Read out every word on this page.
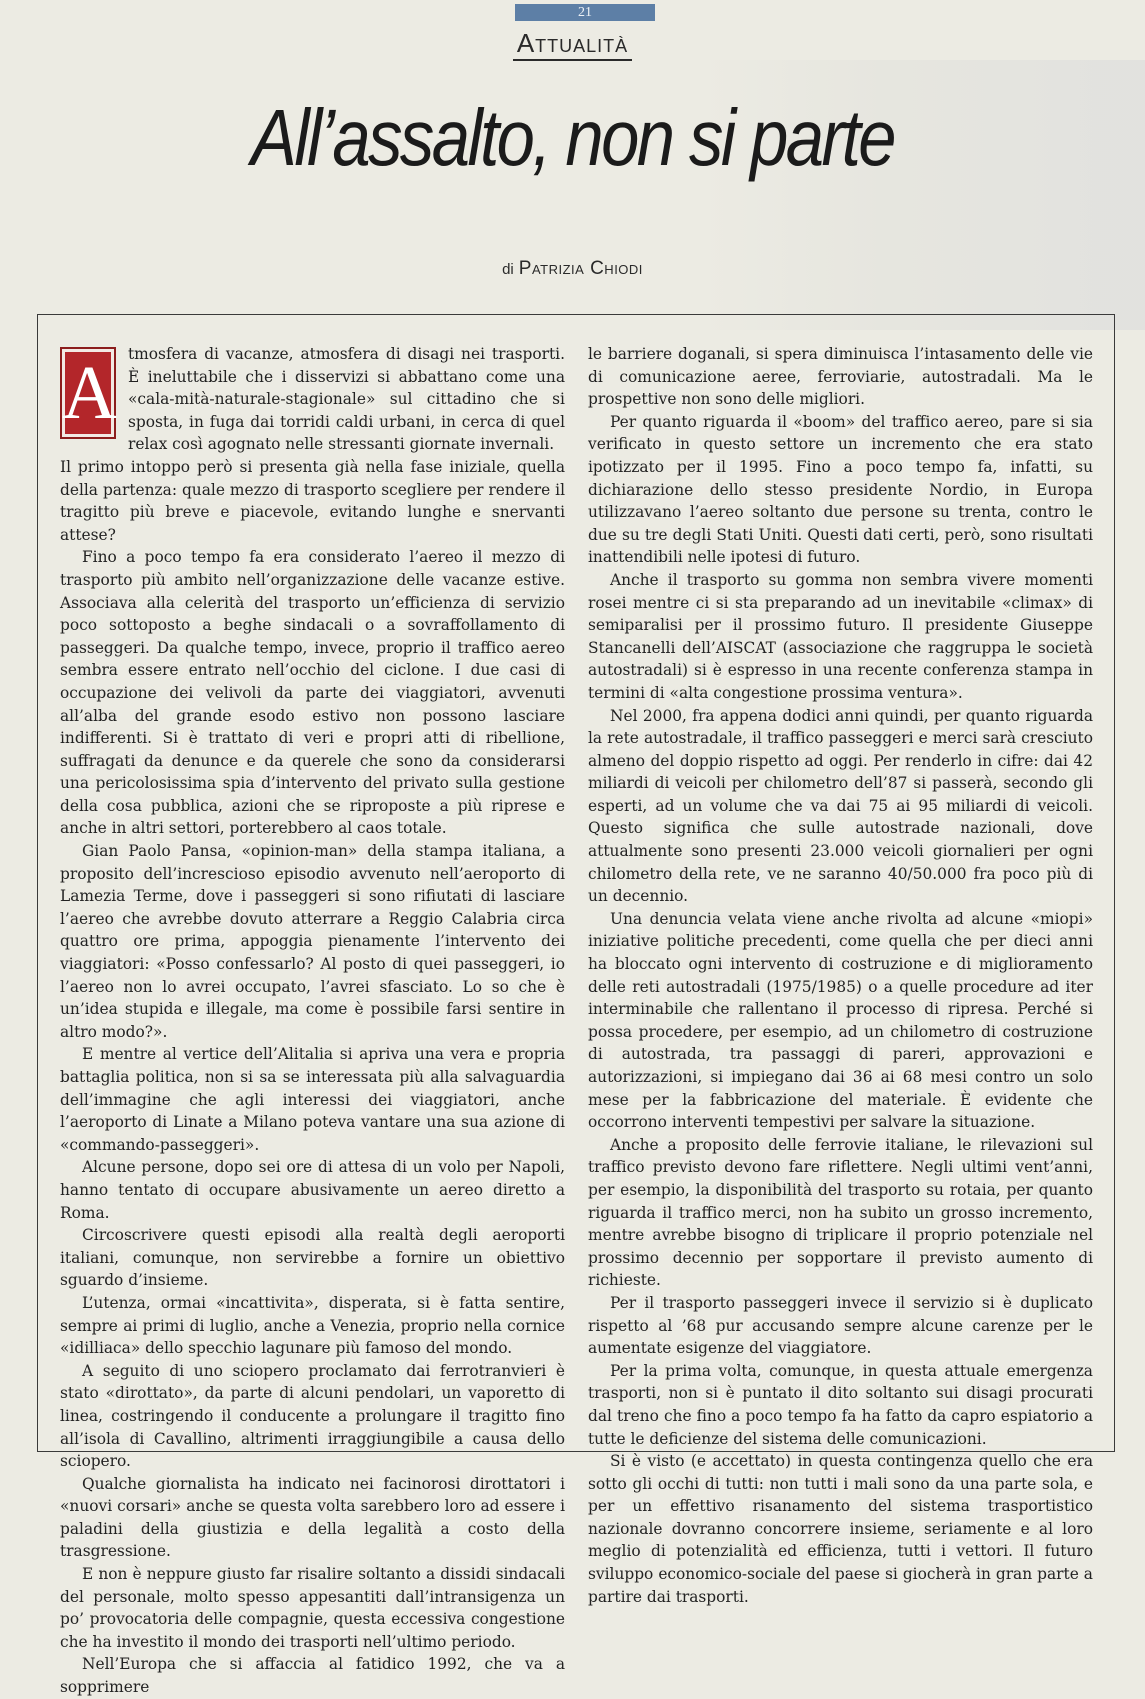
21
Attualità
All’assalto, non si parte
di Patrizia Chiodi

A tmosfera di vacanze, atmosfera di disagi nei trasporti. È ineluttabile che i disservizi si abbattano come una «cala-mità-naturale-stagionale» sul cittadino che si sposta, in fuga dai torridi caldi urbani, in cerca di quel relax così agognato nelle stressanti giornate invernali.

Il primo intoppo però si presenta già nella fase iniziale, quella della partenza: quale mezzo di trasporto scegliere per rendere il tragitto più breve e piacevole, evitando lunghe e snervanti attese?

Fino a poco tempo fa era considerato l’aereo il mezzo di trasporto più ambito nell’organizzazione delle vacanze estive. Associava alla celerità del trasporto un’efficienza di servizio poco sottoposto a beghe sindacali o a sovraffollamento di passeggeri. Da qualche tempo, invece, proprio il traffico aereo sembra essere entrato nell’occhio del ciclone. I due casi di occupazione dei velivoli da parte dei viaggiatori, avvenuti all’alba del grande esodo estivo non possono lasciare indifferenti. Si è trattato di veri e propri atti di ribellione, suffragati da denunce e da querele che sono da considerarsi una pericolosissima spia d’intervento del privato sulla gestione della cosa pubblica, azioni che se riproposte a più riprese e anche in altri settori, porterebbero al caos totale.

Gian Paolo Pansa, «opinion-man» della stampa italiana, a proposito dell’increscioso episodio avvenuto nell’aeroporto di Lamezia Terme, dove i passeggeri si sono rifiutati di lasciare l’aereo che avrebbe dovuto atterrare a Reggio Calabria circa quattro ore prima, appoggia pienamente l’intervento dei viaggiatori: «Posso confessarlo? Al posto di quei passeggeri, io l’aereo non lo avrei occupato, l’avrei sfasciato. Lo so che è un’idea stupida e illegale, ma come è possibile farsi sentire in altro modo?».

E mentre al vertice dell’Alitalia si apriva una vera e propria battaglia politica, non si sa se interessata più alla salvaguardia dell’immagine che agli interessi dei viaggiatori, anche l’aeroporto di Linate a Milano poteva vantare una sua azione di «commando-passeggeri».

Alcune persone, dopo sei ore di attesa di un volo per Napoli, hanno tentato di occupare abusivamente un aereo diretto a Roma.

Circoscrivere questi episodi alla realtà degli aeroporti italiani, comunque, non servirebbe a fornire un obiettivo sguardo d’insieme.

L’utenza, ormai «incattivita», disperata, si è fatta sentire, sempre ai primi di luglio, anche a Venezia, proprio nella cornice «idilliaca» dello specchio lagunare più famoso del mondo.

A seguito di uno sciopero proclamato dai ferrotranvieri è stato «dirottato», da parte di alcuni pendolari, un vaporetto di linea, costringendo il conducente a prolungare il tragitto fino all’isola di Cavallino, altrimenti irraggiungibile a causa dello sciopero.

Qualche giornalista ha indicato nei facinorosi dirottatori i «nuovi corsari» anche se questa volta sarebbero loro ad essere i paladini della giustizia e della legalità a costo della trasgressione.

E non è neppure giusto far risalire soltanto a dissidi sindacali del personale, molto spesso appesantiti dall’intransigenza un po’ provocatoria delle compagnie, questa eccessiva congestione che ha investito il mondo dei trasporti nell’ultimo periodo.

Nell’Europa che si affaccia al fatidico 1992, che va a sopprimere

le barriere doganali, si spera diminuisca l’intasamento delle vie di comunicazione aeree, ferroviarie, autostradali. Ma le prospettive non sono delle migliori.

Per quanto riguarda il «boom» del traffico aereo, pare si sia verificato in questo settore un incremento che era stato ipotizzato per il 1995. Fino a poco tempo fa, infatti, su dichiarazione dello stesso presidente Nordio, in Europa utilizzavano l’aereo soltanto due persone su trenta, contro le due su tre degli Stati Uniti. Questi dati certi, però, sono risultati inattendibili nelle ipotesi di futuro.

Anche il trasporto su gomma non sembra vivere momenti rosei mentre ci si sta preparando ad un inevitabile «climax» di semiparalisi per il prossimo futuro. Il presidente Giuseppe Stancanelli dell’AISCAT (associazione che raggruppa le società autostradali) si è espresso in una recente conferenza stampa in termini di «alta congestione prossima ventura».

Nel 2000, fra appena dodici anni quindi, per quanto riguarda la rete autostradale, il traffico passeggeri e merci sarà cresciuto almeno del doppio rispetto ad oggi. Per renderlo in cifre: dai 42 miliardi di veicoli per chilometro dell’87 si passerà, secondo gli esperti, ad un volume che va dai 75 ai 95 miliardi di veicoli. Questo significa che sulle autostrade nazionali, dove attualmente sono presenti 23.000 veicoli giornalieri per ogni chilometro della rete, ve ne saranno 40/50.000 fra poco più di un decennio.

Una denuncia velata viene anche rivolta ad alcune «miopi» iniziative politiche precedenti, come quella che per dieci anni ha bloccato ogni intervento di costruzione e di miglioramento delle reti autostradali (1975/1985) o a quelle procedure ad iter interminabile che rallentano il processo di ripresa. Perché si possa procedere, per esempio, ad un chilometro di costruzione di autostrada, tra passaggi di pareri, approvazioni e autorizzazioni, si impiegano dai 36 ai 68 mesi contro un solo mese per la fabbricazione del materiale. È evidente che occorrono interventi tempestivi per salvare la situazione.

Anche a proposito delle ferrovie italiane, le rilevazioni sul traffico previsto devono fare riflettere. Negli ultimi vent’anni, per esempio, la disponibilità del trasporto su rotaia, per quanto riguarda il traffico merci, non ha subito un grosso incremento, mentre avrebbe bisogno di triplicare il proprio potenziale nel prossimo decennio per sopportare il previsto aumento di richieste.

Per il trasporto passeggeri invece il servizio si è duplicato rispetto al ’68 pur accusando sempre alcune carenze per le aumentate esigenze del viaggiatore.

Per la prima volta, comunque, in questa attuale emergenza trasporti, non si è puntato il dito soltanto sui disagi procurati dal treno che fino a poco tempo fa ha fatto da capro espiatorio a tutte le deficienze del sistema delle comunicazioni.

Si è visto (e accettato) in questa contingenza quello che era sotto gli occhi di tutti: non tutti i mali sono da una parte sola, e per un effettivo risanamento del sistema trasportistico nazionale dovranno concorrere insieme, seriamente e al loro meglio di potenzialità ed efficienza, tutti i vettori. Il futuro sviluppo economico-sociale del paese si giocherà in gran parte a partire dai trasporti.
